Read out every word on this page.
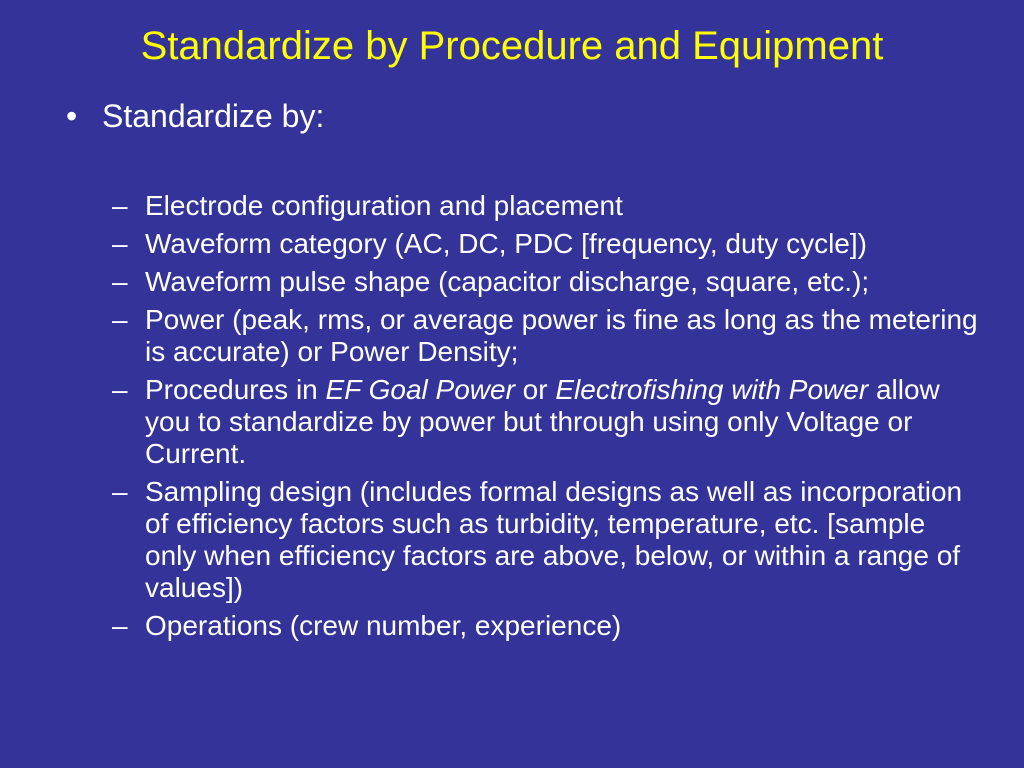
Standardize by Procedure and Equipment
• Standardize by:
– Electrode configuration and placement
– Waveform category (AC, DC, PDC [frequency, duty cycle])
– Waveform pulse shape (capacitor discharge, square, etc.);
– Power (peak, rms, or average power is fine as long as the metering is accurate) or Power Density;
– Procedures in EF Goal Power or Electrofishing with Power allow you to standardize by power but through using only Voltage or Current.
– Sampling design (includes formal designs as well as incorporation of efficiency factors such as turbidity, temperature, etc. [sample only when efficiency factors are above, below, or within a range of values])
– Operations (crew number, experience)
